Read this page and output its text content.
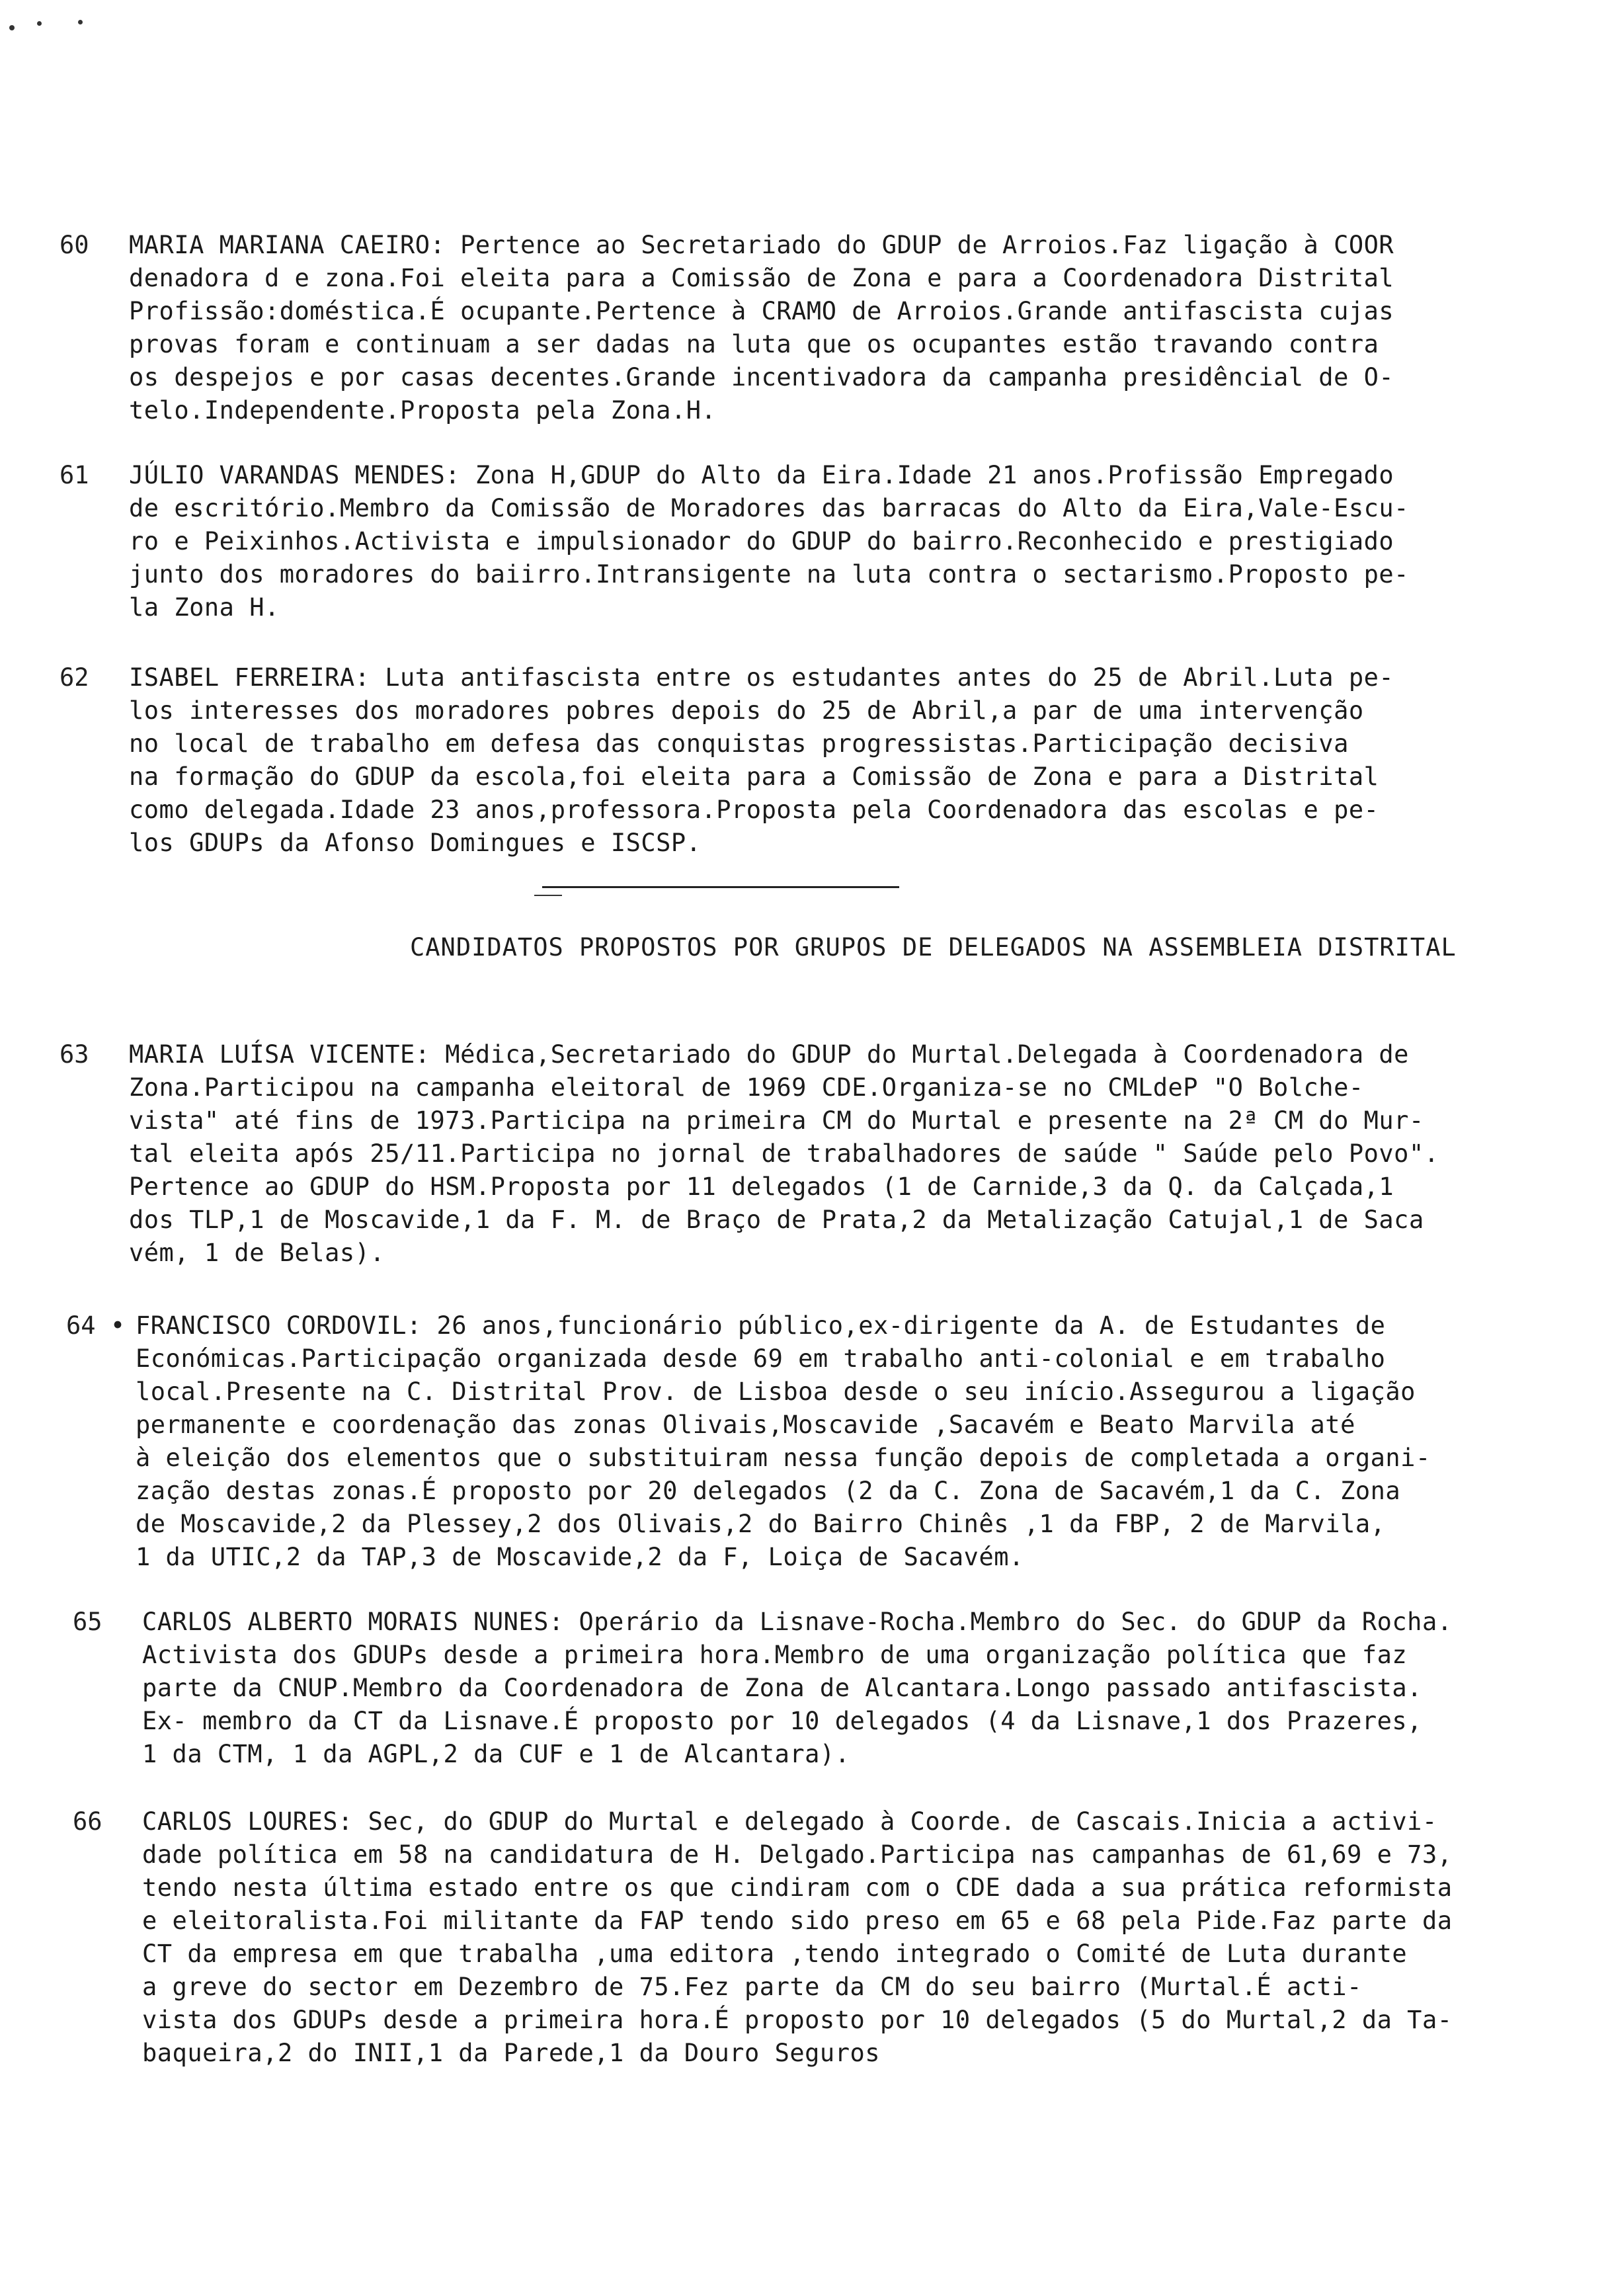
60	MARIA MARIANA CAEIRO: Pertence ao Secretariado do GDUP de Arroios.Faz ligação à COOR
denadora d e zona.Foi eleita para a Comissão de Zona e para a Coordenadora Distrital
Profissão:doméstica.É ocupante.Pertence à CRAMO de Arroios.Grande antifascista cujas
provas foram e continuam a ser dadas na luta que os ocupantes estão travando contra
os despejos e por casas decentes.Grande incentivadora da campanha presidêncial de O-
telo.Independente.Proposta pela Zona.H.
61	JÚLIO VARANDAS MENDES: Zona H,GDUP do Alto da Eira.Idade 21 anos.Profissão Empregado
de escritório.Membro da Comissão de Moradores das barracas do Alto da Eira,Vale-Escu-
ro e Peixinhos.Activista e impulsionador do GDUP do bairro.Reconhecido e prestigiado
junto dos moradores do baiirro.Intransigente na luta contra o sectarismo.Proposto pe-
la Zona H.
62	ISABEL FERREIRA: Luta antifascista entre os estudantes antes do 25 de Abril.Luta pe-
los interesses dos moradores pobres depois do 25 de Abril,a par de uma intervenção
no local de trabalho em defesa das conquistas progressistas.Participação decisiva
na formação do GDUP da escola,foi eleita para a Comissão de Zona e para a Distrital
como delegada.Idade 23 anos,professora.Proposta pela Coordenadora das escolas e pe-
los GDUPs da Afonso Domingues e ISCSP.
CANDIDATOS PROPOSTOS POR GRUPOS DE DELEGADOS NA ASSEMBLEIA DISTRITAL
63	MARIA LUÍSA VICENTE: Médica,Secretariado do GDUP do Murtal.Delegada à Coordenadora de
Zona.Participou na campanha eleitoral de 1969 CDE.Organiza-se no CMLdeP "O Bolche-
vista" até fins de 1973.Participa na primeira CM do Murtal e presente na 2ª CM do Mur-
tal eleita após 25/11.Participa no jornal de trabalhadores de saúde " Saúde pelo Povo".
Pertence ao GDUP do HSM.Proposta por 11 delegados (1 de Carnide,3 da Q. da Calçada,1
dos TLP,1 de Moscavide,1 da F. M. de Braço de Prata,2 da Metalização Catujal,1 de Saca
vém, 1 de Belas).
64 • FRANCISCO CORDOVIL: 26 anos,funcionário público,ex-dirigente da A. de Estudantes de
Económicas.Participação organizada desde 69 em trabalho anti-colonial e em trabalho
local.Presente na C. Distrital Prov. de Lisboa desde o seu início.Assegurou a ligação
permanente e coordenação das zonas Olivais,Moscavide ,Sacavém e Beato Marvila até
à eleição dos elementos que o substituiram nessa função depois de completada a organi-
zação destas zonas.É proposto por 20 delegados (2 da C. Zona de Sacavém,1 da C. Zona
de Moscavide,2 da Plessey,2 dos Olivais,2 do Bairro Chinês ,1 da FBP, 2 de Marvila,
1 da UTIC,2 da TAP,3 de Moscavide,2 da F, Loiça de Sacavém.
65	CARLOS ALBERTO MORAIS NUNES: Operário da Lisnave-Rocha.Membro do Sec. do GDUP da Rocha.
Activista dos GDUPs desde a primeira hora.Membro de uma organização política que faz
parte da CNUP.Membro da Coordenadora de Zona de Alcantara.Longo passado antifascista.
Ex- membro da CT da Lisnave.É proposto por 10 delegados (4 da Lisnave,1 dos Prazeres,
1 da CTM, 1 da AGPL,2 da CUF e 1 de Alcantara).
66	CARLOS LOURES: Sec, do GDUP do Murtal e delegado à Coorde. de Cascais.Inicia a activi-
dade política em 58 na candidatura de H. Delgado.Participa nas campanhas de 61,69 e 73,
tendo nesta última estado entre os que cindiram com o CDE dada a sua prática reformista
e eleitoralista.Foi militante da FAP tendo sido preso em 65 e 68 pela Pide.Faz parte da
CT da empresa em que trabalha ,uma editora ,tendo integrado o Comité de Luta durante
a greve do sector em Dezembro de 75.Fez parte da CM do seu bairro (Murtal.É acti-
vista dos GDUPs desde a primeira hora.É proposto por 10 delegados (5 do Murtal,2 da Ta-
baqueira,2 do INII,1 da Parede,1 da Douro Seguros
